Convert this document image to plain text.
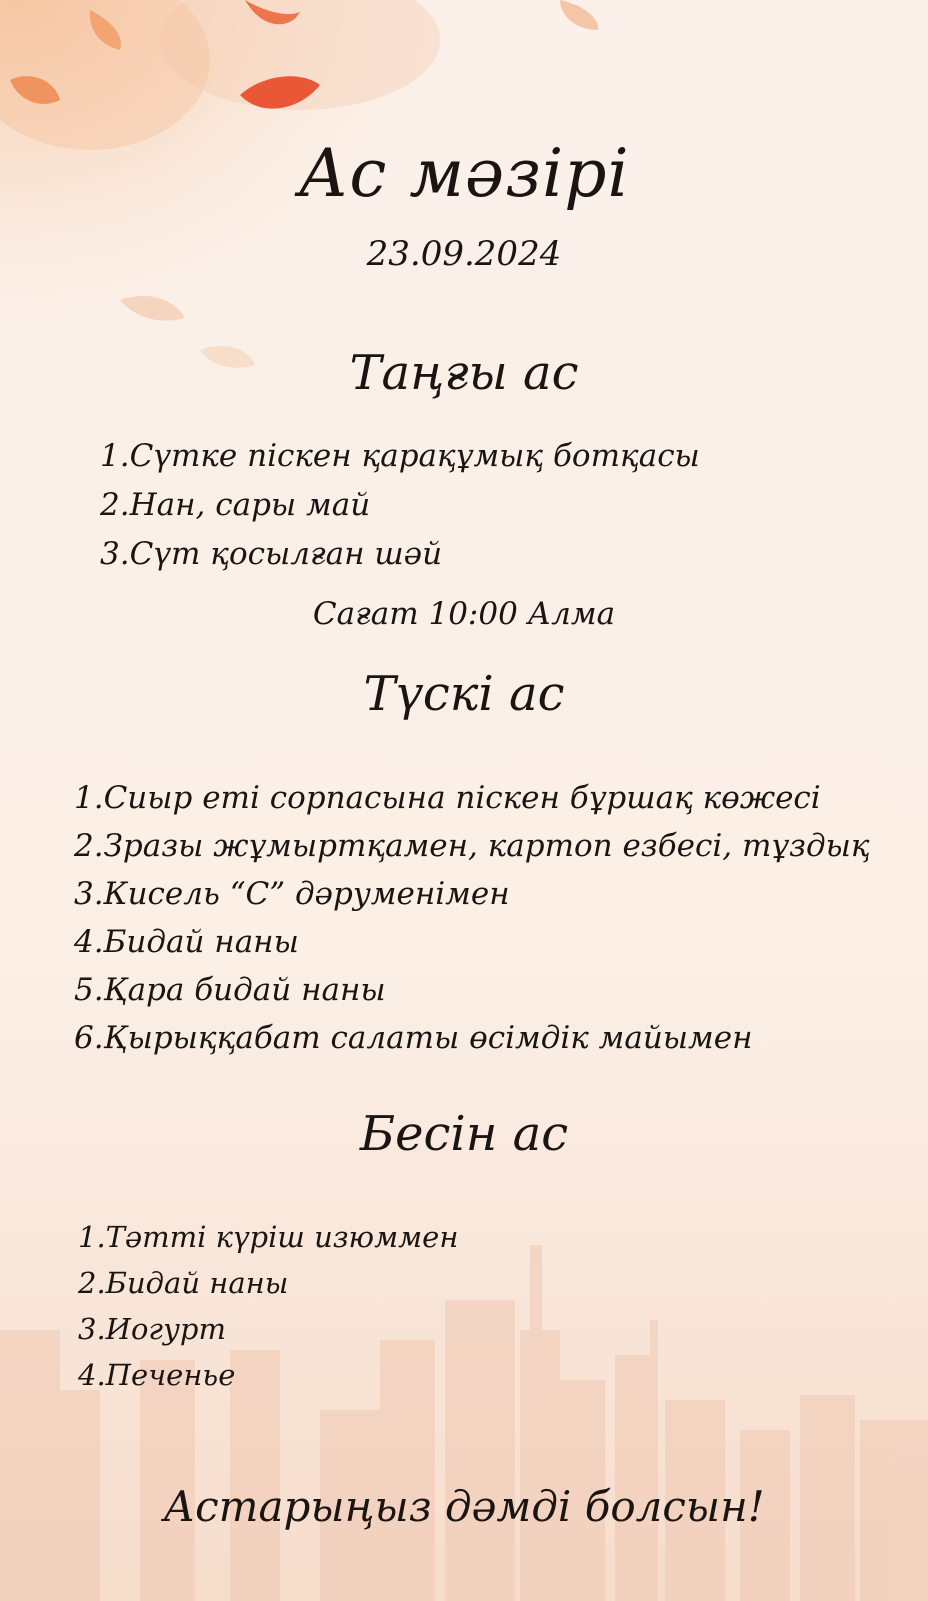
Ас мәзірі
23.09.2024
Таңғы ас
1.Сүтке піскен қарақұмық ботқасы
2.Нан, сары май
3.Сүт қосылған шәй
Сағат 10:00 Алма
Түскі ас
1.Сиыр еті сорпасына піскен бұршақ көжесі
2.Зразы жұмыртқамен, картоп езбесі, тұздық
3.Кисель “С” дәруменімен
4.Бидай наны
5.Қара бидай наны
6.Қырыққабат салаты өсімдік майымен
Бесін ас
1.Тәтті күріш изюммен
2.Бидай наны
3.Иогурт
4.Печенье
Астарыңыз дәмді болсын!
